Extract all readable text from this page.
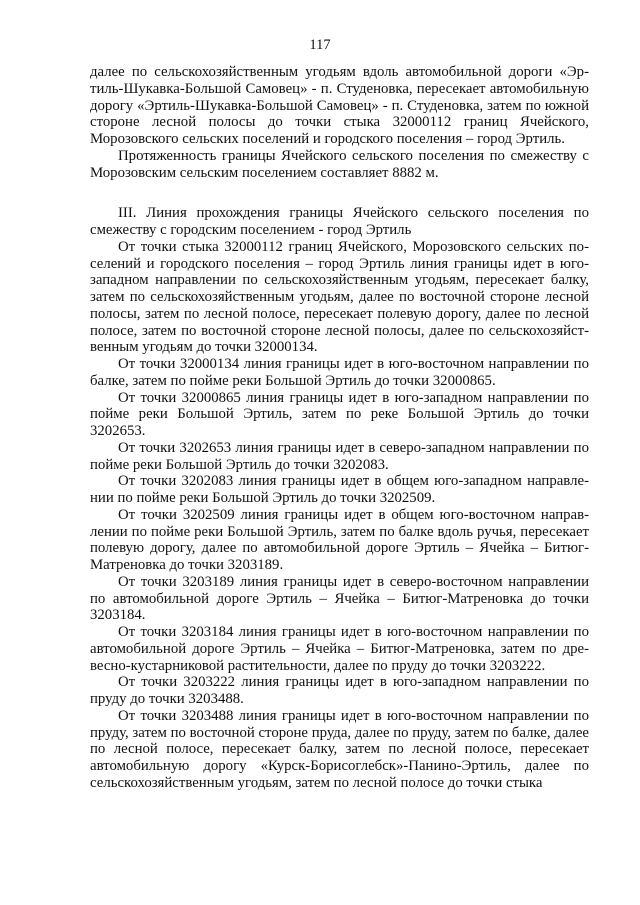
117

далее по сельскохозяйственным угодьям вдоль автомобильной дороги «Эртиль-Шукавка-Большой Самовец» - п. Студеновка, пересекает автомобильную дорогу «Эртиль-Шукавка-Большой Самовец» - п. Студеновка, затем по южной стороне лесной полосы до точки стыка 32000112 границ Ячейского, Морозовского сельских поселений и городского поселения – город Эртиль.

Протяженность границы Ячейского сельского поселения по смежеству с Морозовским сельским поселением составляет 8882 м.

III. Линия прохождения границы Ячейского сельского поселения по смежеству с городским поселением - город Эртиль

От точки стыка 32000112 границ Ячейского, Морозовского сельских поселений и городского поселения – город Эртиль линия границы идет в юго-западном направлении по сельскохозяйственным угодьям, пересекает балку, затем по сельскохозяйственным угодьям, далее по восточной стороне лесной полосы, затем по лесной полосе, пересекает полевую дорогу, далее по лесной полосе, затем по восточной стороне лесной полосы, далее по сельскохозяйственным угодьям до точки 32000134.

От точки 32000134 линия границы идет в юго-восточном направлении по балке, затем по пойме реки Большой Эртиль до точки 32000865.

От точки 32000865 линия границы идет в юго-западном направлении по пойме реки Большой Эртиль, затем по реке Большой Эртиль до точки 3202653.

От точки 3202653 линия границы идет в северо-западном направлении по пойме реки Большой Эртиль до точки 3202083.

От точки 3202083 линия границы идет в общем юго-западном направлении по пойме реки Большой Эртиль до точки 3202509.

От точки 3202509 линия границы идет в общем юго-восточном направлении по пойме реки Большой Эртиль, затем по балке вдоль ручья, пересекает полевую дорогу, далее по автомобильной дороге Эртиль – Ячейка – Битюг-Матреновка до точки 3203189.

От точки 3203189 линия границы идет в северо-восточном направлении по автомобильной дороге Эртиль – Ячейка – Битюг-Матреновка до точки 3203184.

От точки 3203184 линия границы идет в юго-восточном направлении по автомобильной дороге Эртиль – Ячейка – Битюг-Матреновка, затем по древесно-кустарниковой растительности, далее по пруду до точки 3203222.

От точки 3203222 линия границы идет в юго-западном направлении по пруду до точки 3203488.

От точки 3203488 линия границы идет в юго-восточном направлении по пруду, затем по восточной стороне пруда, далее по пруду, затем по балке, далее по лесной полосе, пересекает балку, затем по лесной полосе, пересекает автомобильную дорогу «Курск-Борисоглебск»-Панино-Эртиль, далее по сельскохозяйственным угодьям, затем по лесной полосе до точки стыка
